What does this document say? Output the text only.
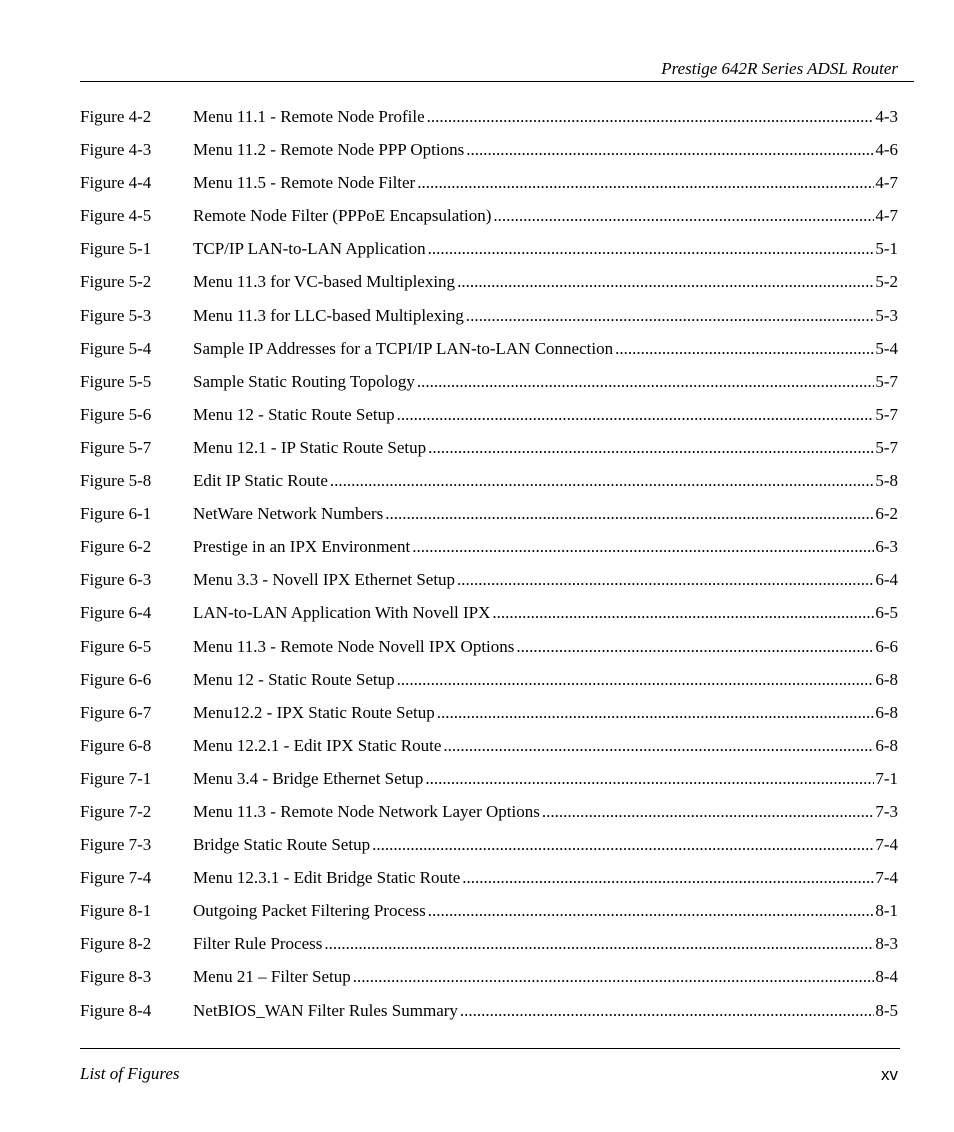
Prestige 642R Series ADSL Router
Figure 4-2	Menu 11.1 - Remote Node Profile .....	4-3
Figure 4-3	Menu 11.2 - Remote Node PPP Options .....	4-6
Figure 4-4	Menu 11.5 - Remote Node Filter .....	4-7
Figure 4-5	Remote Node Filter (PPPoE Encapsulation) .....	4-7
Figure 5-1	TCP/IP LAN-to-LAN Application .....	5-1
Figure 5-2	Menu 11.3 for VC-based Multiplexing .....	5-2
Figure 5-3	Menu 11.3 for LLC-based Multiplexing .....	5-3
Figure 5-4	Sample IP Addresses for a TCPI/IP LAN-to-LAN Connection .....	5-4
Figure 5-5	Sample Static Routing Topology .....	5-7
Figure 5-6	Menu 12 - Static Route Setup .....	5-7
Figure 5-7	Menu 12.1 - IP Static Route Setup .....	5-7
Figure 5-8	Edit IP Static Route .....	5-8
Figure 6-1	NetWare Network Numbers .....	6-2
Figure 6-2	Prestige in an IPX Environment .....	6-3
Figure 6-3	Menu 3.3 - Novell IPX Ethernet Setup .....	6-4
Figure 6-4	LAN-to-LAN Application With Novell IPX .....	6-5
Figure 6-5	Menu 11.3 - Remote Node Novell IPX Options .....	6-6
Figure 6-6	Menu 12 - Static Route Setup .....	6-8
Figure 6-7	Menu12.2 - IPX Static Route Setup .....	6-8
Figure 6-8	Menu 12.2.1 - Edit IPX Static Route .....	6-8
Figure 7-1	Menu 3.4 - Bridge Ethernet Setup .....	7-1
Figure 7-2	Menu 11.3 - Remote Node Network Layer Options .....	7-3
Figure 7-3	Bridge Static Route Setup .....	7-4
Figure 7-4	Menu 12.3.1 - Edit Bridge Static Route .....	7-4
Figure 8-1	Outgoing Packet Filtering Process .....	8-1
Figure 8-2	Filter Rule Process .....	8-3
Figure 8-3	Menu 21 – Filter Setup .....	8-4
Figure 8-4	NetBIOS_WAN Filter Rules Summary .....	8-5
List of Figures	xv
